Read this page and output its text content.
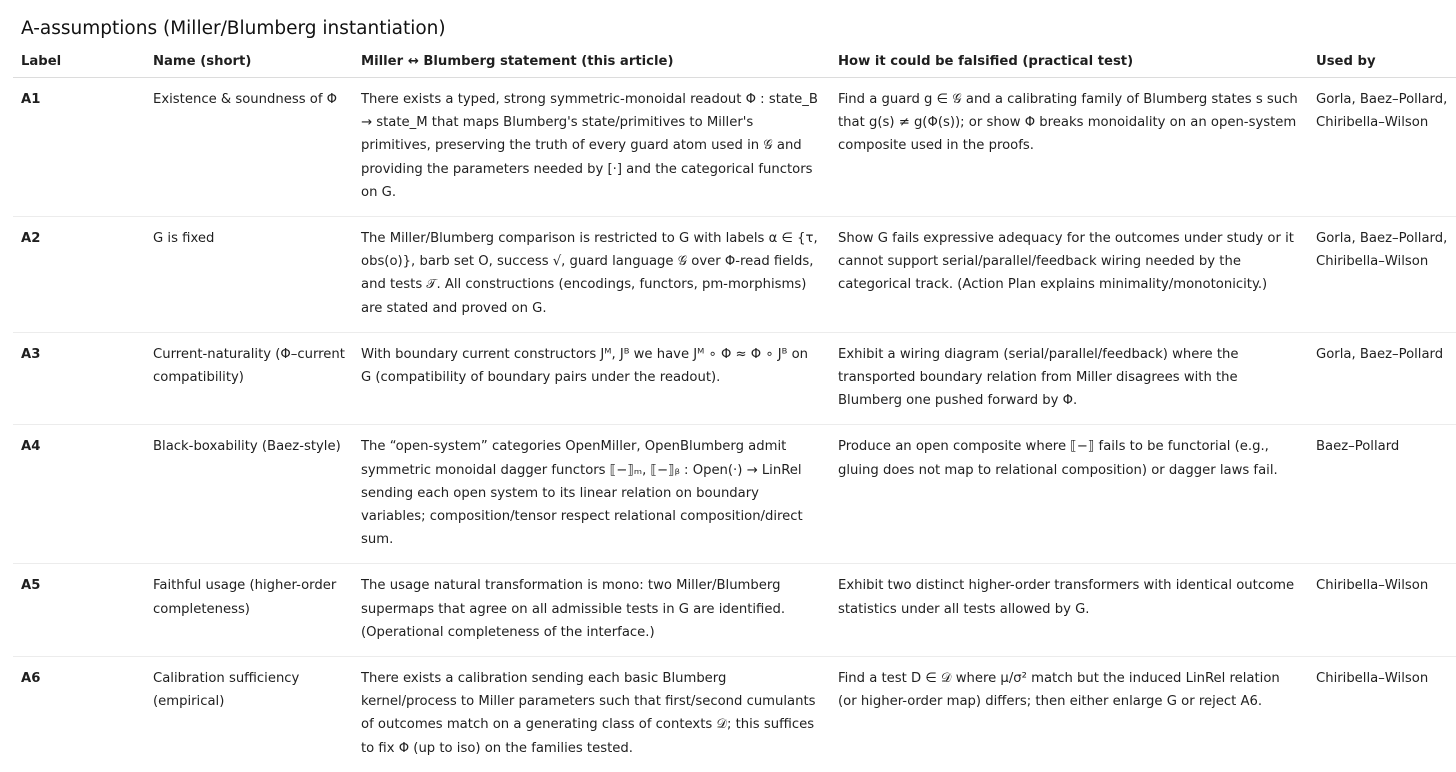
A-assumptions (Miller/Blumberg instantiation)
Label	Name (short)	Miller ↔ Blumberg statement (this article)	How it could be falsified (practical test)	Used by
A1	Existence & soundness of Φ	There exists a typed, strong symmetric-monoidal readout Φ : state_B → state_M that maps Blumberg's state/primitives to Miller's primitives, preserving the truth of every guard atom used in 𝒢 and providing the parameters needed by [·] and the categorical functors on G.	Find a guard g ∈ 𝒢 and a calibrating family of Blumberg states s such that g(s) ≠ g(Φ(s)); or show Φ breaks monoidality on an open-system composite used in the proofs.	Gorla, Baez–Pollard, Chiribella–Wilson
A2	G is fixed	The Miller/Blumberg comparison is restricted to G with labels α ∈ {τ, obs(o)}, barb set O, success √, guard language 𝒢 over Φ-read fields, and tests 𝒯. All constructions (encodings, functors, pm-morphisms) are stated and proved on G.	Show G fails expressive adequacy for the outcomes under study or it cannot support serial/parallel/feedback wiring needed by the categorical track. (Action Plan explains minimality/monotonicity.)	Gorla, Baez–Pollard, Chiribella–Wilson
A3	Current-naturality (Φ–current compatibility)	With boundary current constructors Jᴹ, Jᴮ we have Jᴹ ∘ Φ ≈ Φ ∘ Jᴮ on G (compatibility of boundary pairs under the readout).	Exhibit a wiring diagram (serial/parallel/feedback) where the transported boundary relation from Miller disagrees with the Blumberg one pushed forward by Φ.	Gorla, Baez–Pollard
A4	Black-boxability (Baez-style)	The “open-system” categories OpenMiller, OpenBlumberg admit symmetric monoidal dagger functors ⟦−⟧ₘ, ⟦−⟧ᵦ : Open(·) → LinRel sending each open system to its linear relation on boundary variables; composition/tensor respect relational composition/direct sum.	Produce an open composite where ⟦−⟧ fails to be functorial (e.g., gluing does not map to relational composition) or dagger laws fail.	Baez–Pollard
A5	Faithful usage (higher-order completeness)	The usage natural transformation is mono: two Miller/Blumberg supermaps that agree on all admissible tests in G are identified. (Operational completeness of the interface.)	Exhibit two distinct higher-order transformers with identical outcome statistics under all tests allowed by G.	Chiribella–Wilson
A6	Calibration sufficiency (empirical)	There exists a calibration sending each basic Blumberg kernel/process to Miller parameters such that first/second cumulants of outcomes match on a generating class of contexts 𝒟; this suffices to fix Φ (up to iso) on the families tested.	Find a test D ∈ 𝒟 where μ/σ² match but the induced LinRel relation (or higher-order map) differs; then either enlarge G or reject A6.	Chiribella–Wilson
